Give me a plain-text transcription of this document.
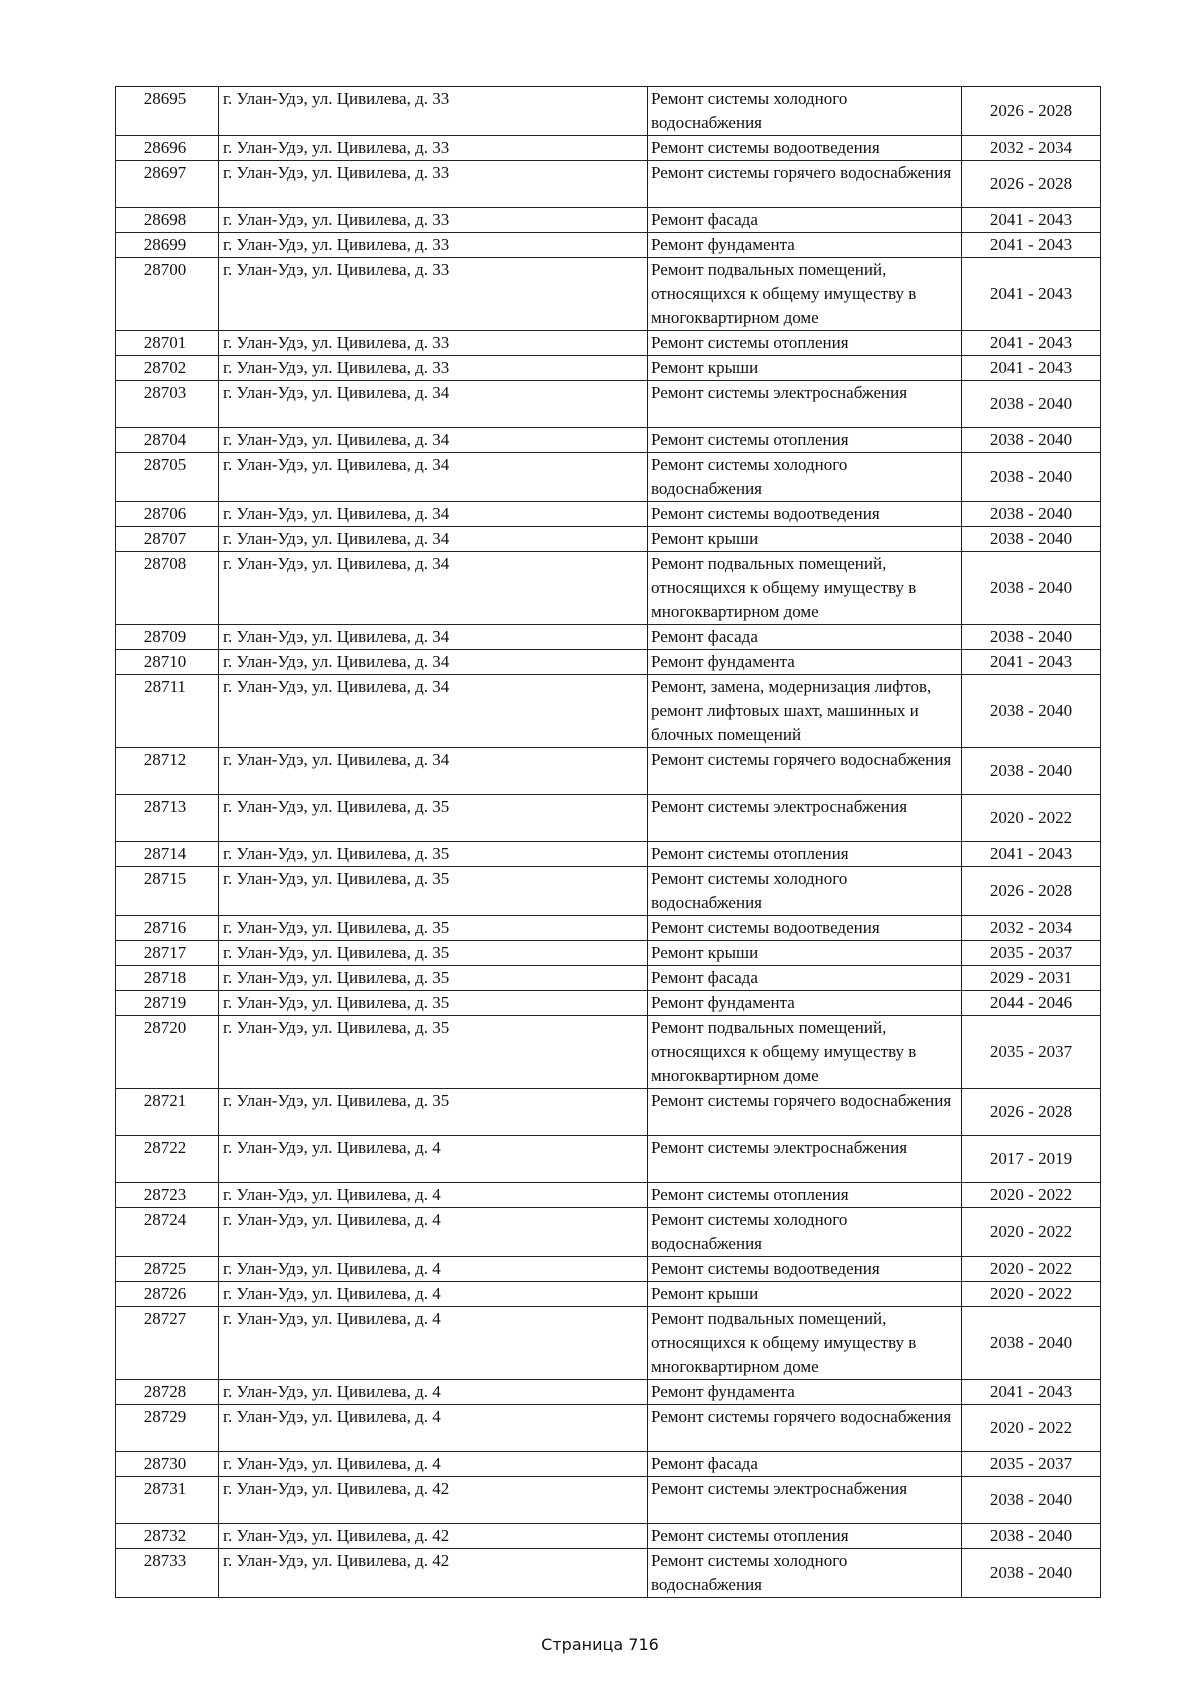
28695	г. Улан-Удэ, ул. Цивилева, д. 33	Ремонт системы холодного водоснабжения	2026 - 2028
28696	г. Улан-Удэ, ул. Цивилева, д. 33	Ремонт системы водоотведения	2032 - 2034
28697	г. Улан-Удэ, ул. Цивилева, д. 33	Ремонт системы горячего водоснабжения	2026 - 2028
28698	г. Улан-Удэ, ул. Цивилева, д. 33	Ремонт фасада	2041 - 2043
28699	г. Улан-Удэ, ул. Цивилева, д. 33	Ремонт фундамента	2041 - 2043
28700	г. Улан-Удэ, ул. Цивилева, д. 33	Ремонт подвальных помещений, относящихся к общему имуществу в многоквартирном доме	2041 - 2043
28701	г. Улан-Удэ, ул. Цивилева, д. 33	Ремонт системы отопления	2041 - 2043
28702	г. Улан-Удэ, ул. Цивилева, д. 33	Ремонт крыши	2041 - 2043
28703	г. Улан-Удэ, ул. Цивилева, д. 34	Ремонт системы электроснабжения	2038 - 2040
28704	г. Улан-Удэ, ул. Цивилева, д. 34	Ремонт системы отопления	2038 - 2040
28705	г. Улан-Удэ, ул. Цивилева, д. 34	Ремонт системы холодного водоснабжения	2038 - 2040
28706	г. Улан-Удэ, ул. Цивилева, д. 34	Ремонт системы водоотведения	2038 - 2040
28707	г. Улан-Удэ, ул. Цивилева, д. 34	Ремонт крыши	2038 - 2040
28708	г. Улан-Удэ, ул. Цивилева, д. 34	Ремонт подвальных помещений, относящихся к общему имуществу в многоквартирном доме	2038 - 2040
28709	г. Улан-Удэ, ул. Цивилева, д. 34	Ремонт фасада	2038 - 2040
28710	г. Улан-Удэ, ул. Цивилева, д. 34	Ремонт фундамента	2041 - 2043
28711	г. Улан-Удэ, ул. Цивилева, д. 34	Ремонт, замена, модернизация лифтов, ремонт лифтовых шахт, машинных и блочных помещений	2038 - 2040
28712	г. Улан-Удэ, ул. Цивилева, д. 34	Ремонт системы горячего водоснабжения	2038 - 2040
28713	г. Улан-Удэ, ул. Цивилева, д. 35	Ремонт системы электроснабжения	2020 - 2022
28714	г. Улан-Удэ, ул. Цивилева, д. 35	Ремонт системы отопления	2041 - 2043
28715	г. Улан-Удэ, ул. Цивилева, д. 35	Ремонт системы холодного водоснабжения	2026 - 2028
28716	г. Улан-Удэ, ул. Цивилева, д. 35	Ремонт системы водоотведения	2032 - 2034
28717	г. Улан-Удэ, ул. Цивилева, д. 35	Ремонт крыши	2035 - 2037
28718	г. Улан-Удэ, ул. Цивилева, д. 35	Ремонт фасада	2029 - 2031
28719	г. Улан-Удэ, ул. Цивилева, д. 35	Ремонт фундамента	2044 - 2046
28720	г. Улан-Удэ, ул. Цивилева, д. 35	Ремонт подвальных помещений, относящихся к общему имуществу в многоквартирном доме	2035 - 2037
28721	г. Улан-Удэ, ул. Цивилева, д. 35	Ремонт системы горячего водоснабжения	2026 - 2028
28722	г. Улан-Удэ, ул. Цивилева, д. 4	Ремонт системы электроснабжения	2017 - 2019
28723	г. Улан-Удэ, ул. Цивилева, д. 4	Ремонт системы отопления	2020 - 2022
28724	г. Улан-Удэ, ул. Цивилева, д. 4	Ремонт системы холодного водоснабжения	2020 - 2022
28725	г. Улан-Удэ, ул. Цивилева, д. 4	Ремонт системы водоотведения	2020 - 2022
28726	г. Улан-Удэ, ул. Цивилева, д. 4	Ремонт крыши	2020 - 2022
28727	г. Улан-Удэ, ул. Цивилева, д. 4	Ремонт подвальных помещений, относящихся к общему имуществу в многоквартирном доме	2038 - 2040
28728	г. Улан-Удэ, ул. Цивилева, д. 4	Ремонт фундамента	2041 - 2043
28729	г. Улан-Удэ, ул. Цивилева, д. 4	Ремонт системы горячего водоснабжения	2020 - 2022
28730	г. Улан-Удэ, ул. Цивилева, д. 4	Ремонт фасада	2035 - 2037
28731	г. Улан-Удэ, ул. Цивилева, д. 42	Ремонт системы электроснабжения	2038 - 2040
28732	г. Улан-Удэ, ул. Цивилева, д. 42	Ремонт системы отопления	2038 - 2040
28733	г. Улан-Удэ, ул. Цивилева, д. 42	Ремонт системы холодного водоснабжения	2038 - 2040
Страница 716
